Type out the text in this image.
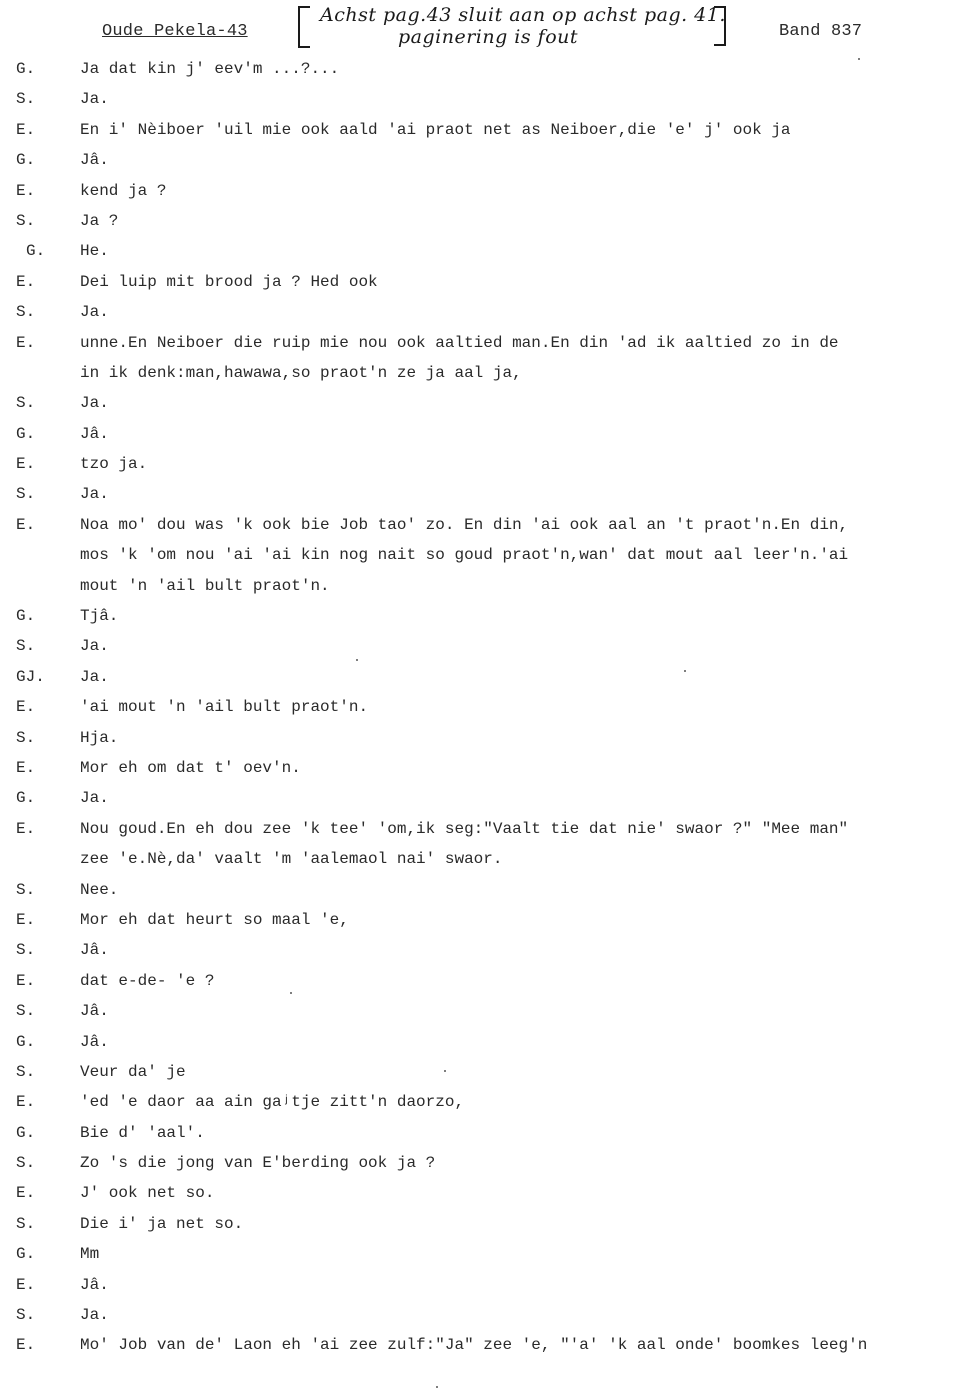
Oude Pekela-43
Achst pag.43 sluit aan op achst pag. 41.
paginering is fout	Band 837
G.	Ja dat kin j' eev'm ...?...
S.	Ja.
E.	En i' Nèiboer 'uil mie ook aald 'ai praot net as Neiboer,die 'e' j' ook ja
G.	Jâ.
E.	kend ja ?
S.	Ja ?
G. He.
E.	Dei luip mit brood ja ? Hed ook
S.	Ja.
E.	unne.En Neiboer die ruip mie nou ook aaltied man.En din 'ad ik aaltied zo in de
in ik denk:man,hawawa,so praot'n ze ja aal ja,
S.	Ja.
G.	Jâ.
E.	tzo ja.
S.	Ja.
E.	Noa mo' dou was 'k ook bie Job tao' zo. En din 'ai ook aal an 't praot'n.En din,
mos 'k 'om nou 'ai 'ai kin nog nait so goud praot'n,wan' dat mout aal leer'n.'ai
mout 'n 'ail bult praot'n.
G.	Tjâ.
S.	Ja.
GJ. Ja.
E.	'ai mout 'n 'ail bult praot'n.
S.	Hja.
E.	Mor eh om dat t' oev'n.
G.	Ja.
E.	Nou goud.En eh dou zee 'k tee' 'om,ik seg:"Vaalt tie dat nie' swaor ?" "Mee man"
zee 'e.Nè,da' vaalt 'm 'aalemaol nai' swaor.
S.	Nee.
E.	Mor eh dat heurt so maal 'e,
S.	Jâ.
E.	dat e-de- 'e ?
S.	Jâ.
G.	Jâ.
S.	Veur da' je
E.	'ed 'e daor aa ain gaʲtje zitt'n daorzo,
G.	Bie d' 'aal'.
S.	Zo 's die jong van E'berding ook ja ?
E.	J' ook net so.
S.	Die i' ja net so.
G.	Mm
E.	Jâ.
S.	Ja.
E.	Mo' Job van de' Laon eh 'ai zee zulf:"Ja" zee 'e, "'a' 'k aal onde' boomkes leeg'n
